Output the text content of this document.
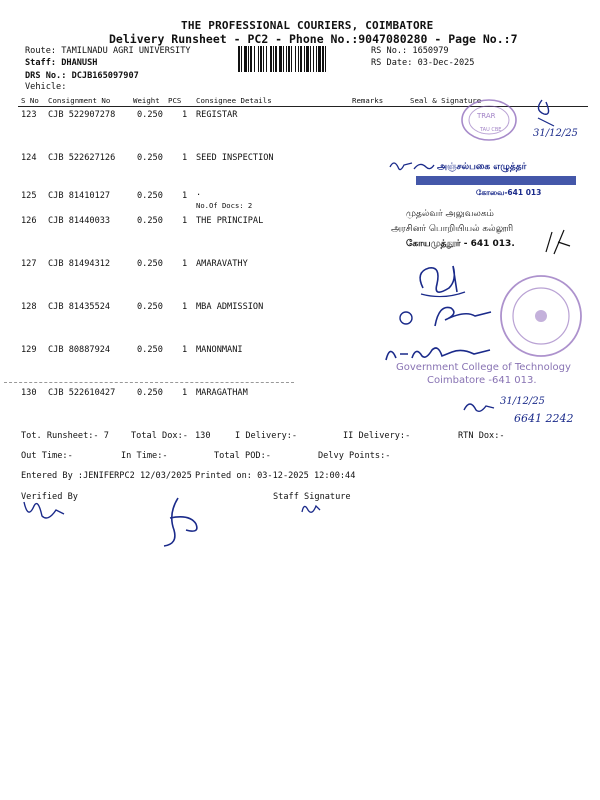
THE PROFESSIONAL COURIERS, COIMBATORE
Delivery Runsheet - PC2 - Phone No.:9047080280 - Page No.:7
Route: TAMILNADU AGRI UNIVERSITY
Staff: DHANUSH
DRS No.: DCJB165097907
Vehicle:
RS No.: 1650979
RS Date: 03-Dec-2025
S No Consignment No	Weight PCS Consignee Details	Remarks	Seal & Signature
123 CJB 522907278	0.250 1 REGISTAR
124 CJB 522627126	0.250 1 SEED INSPECTION
125 CJB 81410127	0.250 1 .
No.Of Docs: 2
126 CJB 81440033	0.250 1 THE PRINCIPAL
127 CJB 81494312	0.250 1 AMARAVATHY
128 CJB 81435524	0.250 1 MBA ADMISSION
129 CJB 80887924	0.250 1 MANONMANI
130 CJB 522610427	0.250 1 MARAGATHAM
Tot. Runsheet:- 7	Total Dox:- 130	I Delivery:-	II Delivery:-	RTN Dox:-
Out Time:-	In Time:-	Total POD:-	Delvy Points:-
Entered By :JENIFERPC2 12/03/2025 Printed on: 03-12-2025 12:00:44
Verified By	Staff Signature
TRAR
TAU CBE	31/12/25
அஞ்சல்பகை எழுத்தர்
கோவை-641 013
முதல்வர் அலுவலகம்
அரசினர் பொறியியல் கல்லூரி
கோயமுத்தூர் - 641 013.
Government College of Technology
Coimbatore -641 013.
31/12/25
6641 2242
